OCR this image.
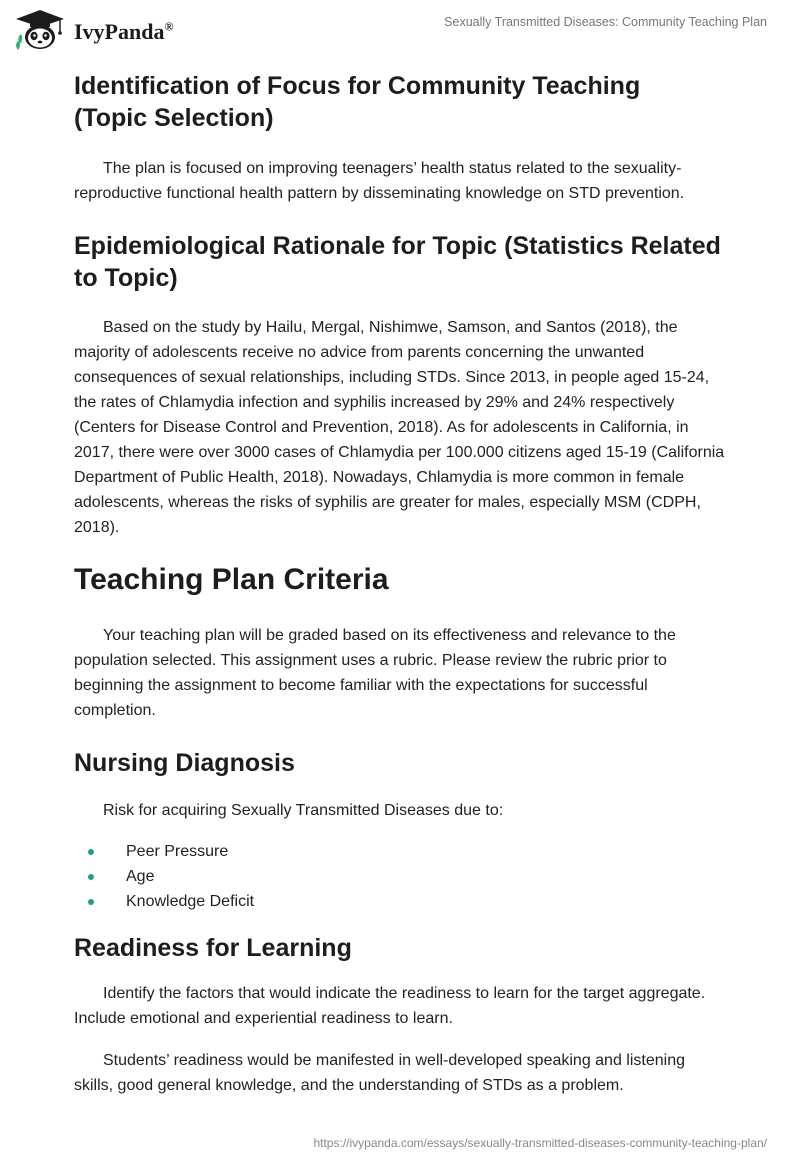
IvyPanda®	Sexually Transmitted Diseases: Community Teaching Plan
Identification of Focus for Community Teaching (Topic Selection)

The plan is focused on improving teenagers’ health status related to the sexuality-reproductive functional health pattern by disseminating knowledge on STD prevention.

Epidemiological Rationale for Topic (Statistics Related to Topic)

Based on the study by Hailu, Mergal, Nishimwe, Samson, and Santos (2018), the majority of adolescents receive no advice from parents concerning the unwanted consequences of sexual relationships, including STDs. Since 2013, in people aged 15-24, the rates of Chlamydia infection and syphilis increased by 29% and 24% respectively (Centers for Disease Control and Prevention, 2018). As for adolescents in California, in 2017, there were over 3000 cases of Chlamydia per 100.000 citizens aged 15-19 (California Department of Public Health, 2018). Nowadays, Chlamydia is more common in female adolescents, whereas the risks of syphilis are greater for males, especially MSM (CDPH, 2018).

Teaching Plan Criteria

Your teaching plan will be graded based on its effectiveness and relevance to the population selected. This assignment uses a rubric. Please review the rubric prior to beginning the assignment to become familiar with the expectations for successful completion.

Nursing Diagnosis

Risk for acquiring Sexually Transmitted Diseases due to:

Peer Pressure
Age
Knowledge Deficit
Readiness for Learning

Identify the factors that would indicate the readiness to learn for the target aggregate. Include emotional and experiential readiness to learn.

Students’ readiness would be manifested in well-developed speaking and listening skills, good general knowledge, and the understanding of STDs as a problem.

https://ivypanda.com/essays/sexually-transmitted-diseases-community-teaching-plan/
